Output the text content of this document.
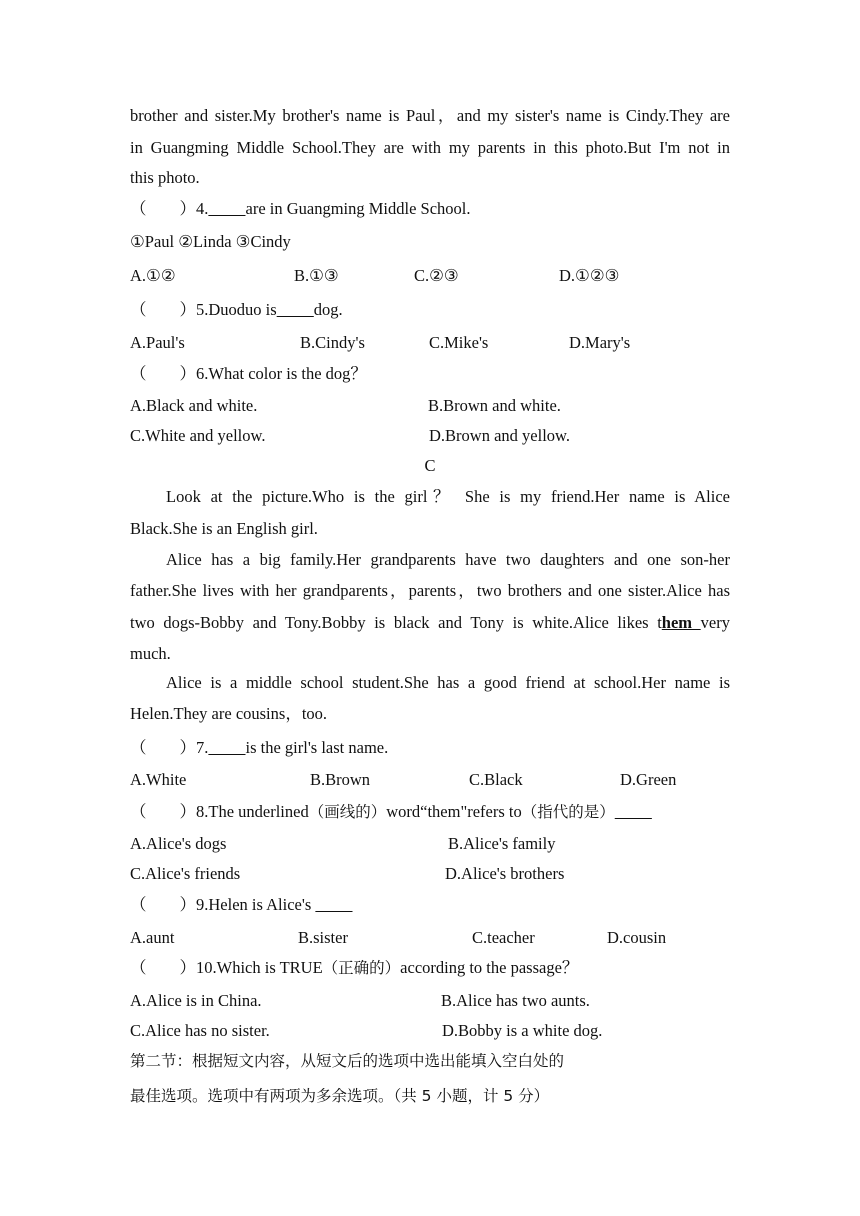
brother and sister.My brother's name is Paul，and my sister's name is Cindy.They are
in Guangming Middle School.They are with my parents in this photo.But I'm not in
this photo.
（　　）4. are in Guangming Middle School.
①Paul ②Linda ③Cindy
A.①②	B.①③	C.②③	D.①②③
（　　）5.Duoduo is dog.
A.Paul's	B.Cindy's	C.Mike's	D.Mary's
（　　）6.What color is the dog？
A.Black and white.	B.Brown and white.
C.White and yellow.	D.Brown and yellow.
C
Look at the picture.Who is the girl？ She is my friend.Her name is Alice
Black.She is an English girl.
Alice has a big family.Her grandparents have two daughters and one son-her
father.She lives with her grandparents，parents，two brothers and one sister.Alice has
two dogs-Bobby and Tony.Bobby is black and Tony is white.Alice likes them very
much.
Alice is a middle school student.She has a good friend at school.Her name is
Helen.They are cousins，too.
（　　）7. is the girl's last name.
A.White	B.Brown	C.Black	D.Green
（　　）8.The underlined（画线的）word“them"refers to（指代的是）
A.Alice's dogs	B.Alice's family
C.Alice's friends	D.Alice's brothers
（　　）9.Helen is Alice's
A.aunt	B.sister	C.teacher	D.cousin
（　　）10.Which is TRUE（正确的）according to the passage？
A.Alice is in China.	B.Alice has two aunts.
C.Alice has no sister.	D.Bobby is a white dog.
第二节：根据短文内容，从短文后的选项中选出能填入空白处的
最佳选项。选项中有两项为多余选项。（共 5 小题，计 5 分）
